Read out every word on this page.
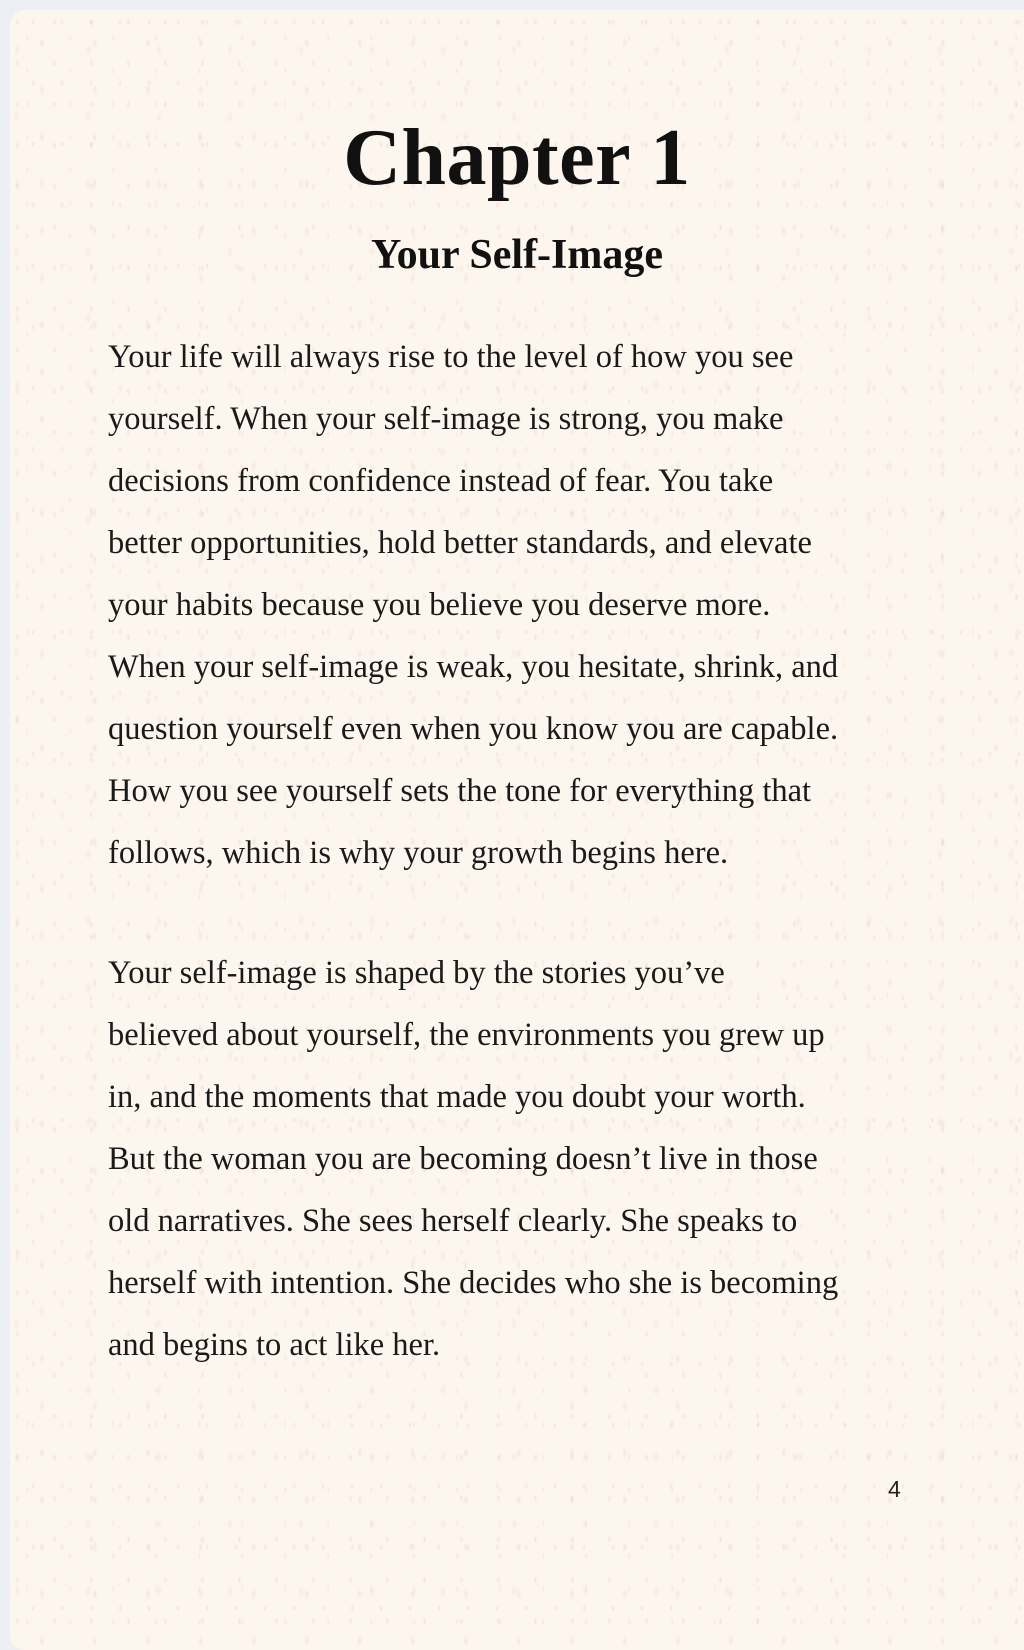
Chapter 1
Your Self-Image
Your life will always rise to the level of how you see
yourself. When your self-image is strong, you make
decisions from confidence instead of fear. You take
better opportunities, hold better standards, and elevate
your habits because you believe you deserve more.
When your self-image is weak, you hesitate, shrink, and
question yourself even when you know you are capable.
How you see yourself sets the tone for everything that
follows, which is why your growth begins here.
Your self-image is shaped by the stories you’ve
believed about yourself, the environments you grew up
in, and the moments that made you doubt your worth.
But the woman you are becoming doesn’t live in those
old narratives. She sees herself clearly. She speaks to
herself with intention. She decides who she is becoming
and begins to act like her.
4
